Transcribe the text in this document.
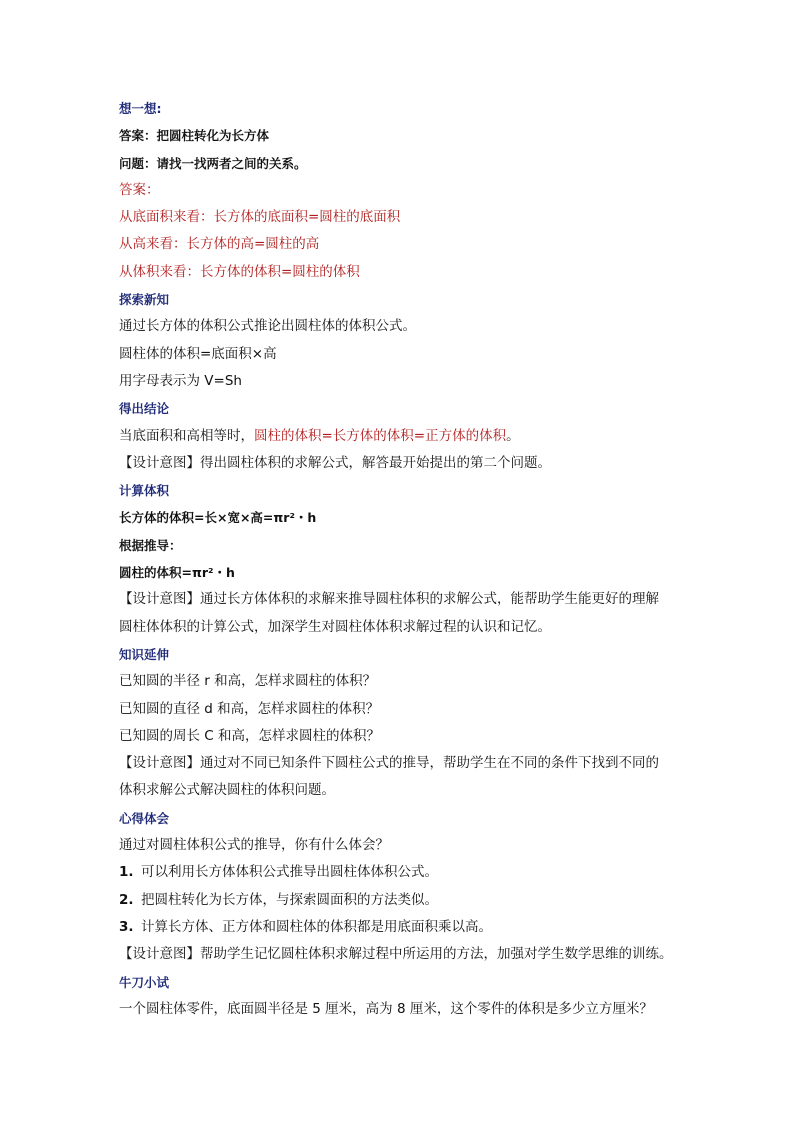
想一想:
答案：把圆柱转化为长方体
问题：请找一找两者之间的关系。
答案：
从底面积来看：长方体的底面积=圆柱的底面积
从高来看：长方体的高=圆柱的高
从体积来看：长方体的体积=圆柱的体积
探索新知
通过长方体的体积公式推论出圆柱体的体积公式。
圆柱体的体积=底面积×高
用字母表示为 V=Sh
得出结论
当底面积和高相等时，圆柱的体积=长方体的体积=正方体的体积。
【设计意图】得出圆柱体积的求解公式，解答最开始提出的第二个问题。
计算体积
长方体的体积=长×宽×高=πr²・h
根据推导：
圆柱的体积=πr²・h
【设计意图】通过长方体体积的求解来推导圆柱体积的求解公式，能帮助学生能更好的理解
圆柱体体积的计算公式，加深学生对圆柱体体积求解过程的认识和记忆。
知识延伸
已知圆的半径 r 和高，怎样求圆柱的体积？
已知圆的直径 d 和高，怎样求圆柱的体积？
已知圆的周长 C 和高，怎样求圆柱的体积？
【设计意图】通过对不同已知条件下圆柱公式的推导，帮助学生在不同的条件下找到不同的
体积求解公式解决圆柱的体积问题。
心得体会
通过对圆柱体积公式的推导，你有什么体会？
1. 可以利用长方体体积公式推导出圆柱体体积公式。
2. 把圆柱转化为长方体，与探索圆面积的方法类似。
3. 计算长方体、正方体和圆柱体的体积都是用底面积乘以高。
【设计意图】帮助学生记忆圆柱体积求解过程中所运用的方法，加强对学生数学思维的训练。
牛刀小试
一个圆柱体零件，底面圆半径是 5 厘米，高为 8 厘米，这个零件的体积是多少立方厘米？
